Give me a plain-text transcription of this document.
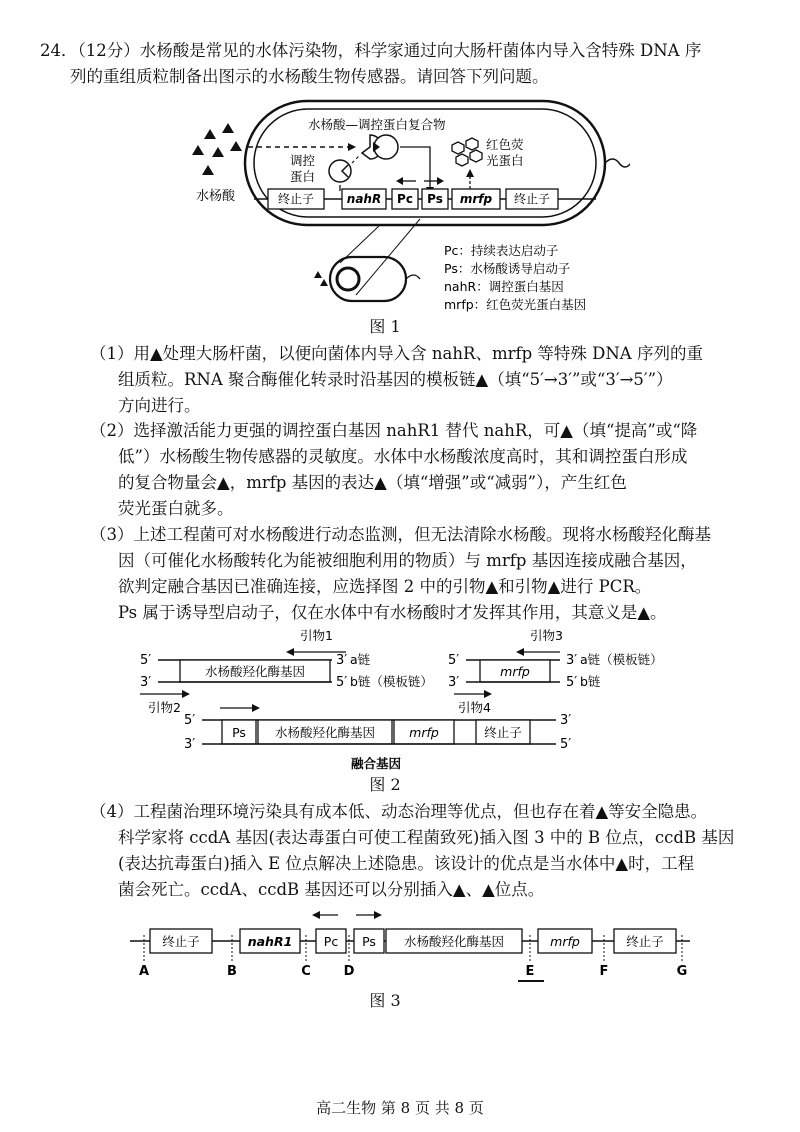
24．（12分）水杨酸是常见的水体污染物，科学家通过向大肠杆菌体内导入含特殊 DNA 序
列的重组质粒制备出图示的水杨酸生物传感器。请回答下列问题。
水杨酸
水杨酸—调控蛋白复合物
调控
蛋白
红色荧
光蛋白
终止子	nahR Pc Ps mrfp 终止子
Pc：持续表达启动子
Ps：水杨酸诱导启动子
nahR：调控蛋白基因
mrfp：红色荧光蛋白基因
图 1
（1）用▲处理大肠杆菌，以便向菌体内导入含 nahR、mrfp 等特殊 DNA 序列的重
组质粒。RNA 聚合酶催化转录时沿基因的模板链▲（填“5′→3′”或“3′→5′”）
方向进行。
（2）选择激活能力更强的调控蛋白基因 nahR1 替代 nahR，可▲（填“提高”或“降
低”）水杨酸生物传感器的灵敏度。水体中水杨酸浓度高时，其和调控蛋白形成
的复合物量会▲，mrfp 基因的表达▲（填“增强”或“减弱”），产生红色
荧光蛋白就多。
（3）上述工程菌可对水杨酸进行动态监测，但无法清除水杨酸。现将水杨酸羟化酶基
因（可催化水杨酸转化为能被细胞利用的物质）与 mrfp 基因连接成融合基因，
欲判定融合基因已准确连接，应选择图 2 中的引物▲和引物▲进行 PCR。
Ps 属于诱导型启动子，仅在水体中有水杨酸时才发挥其作用，其意义是▲。
引物1
5′	3′ a链
水杨酸羟化酶基因
3′	5′ b链（模板链）
引物2
引物3
5′	3′ a链（模板链）
mrfp
3′	5′ b链
引物4
5′	3′
Ps 水杨酸羟化酶基因	mrfp	终止子
3′	5′
融合基因
图 2
（4）工程菌治理环境污染具有成本低、动态治理等优点，但也存在着▲等安全隐患。
科学家将 ccdA 基因(表达毒蛋白可使工程菌致死)插入图 3 中的 B 位点，ccdB 基因
(表达抗毒蛋白)插入 E 位点解决上述隐患。该设计的优点是当水体中▲时，工程
菌会死亡。ccdA、ccdB 基因还可以分别插入▲、▲位点。
终止子	nahR1	Pc Ps 水杨酸羟化酶基因	mrfp	终止子
A	B	C	D	E	F	G
图 3
高二生物 第 8 页 共 8 页
